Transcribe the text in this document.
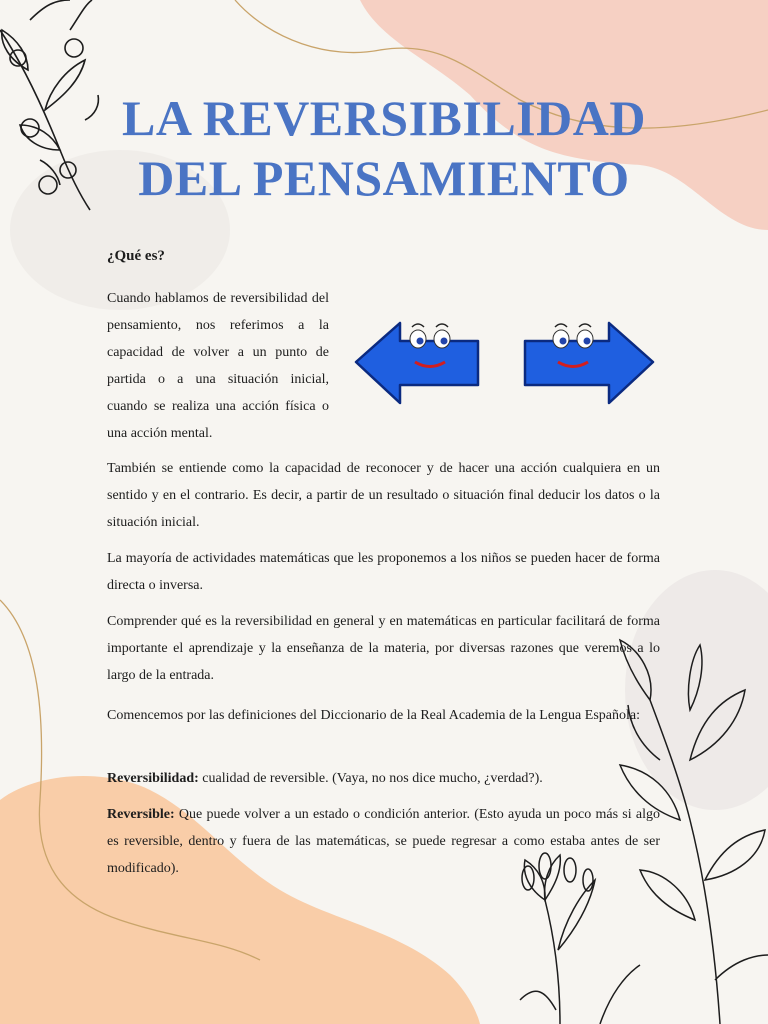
LA REVERSIBILIDAD
DEL PENSAMIENTO
¿Qué es?

Cuando hablamos de reversibilidad del pensamiento, nos referimos a la capacidad de volver a un punto de partida o a una situación inicial, cuando se realiza una acción física o una acción mental.

También se entiende como la capacidad de reconocer y de hacer una acción cualquiera en un sentido y en el contrario. Es decir, a partir de un resultado o situación final deducir los datos o la situación inicial.

La mayoría de actividades matemáticas que les proponemos a los niños se pueden hacer de forma directa o inversa.

Comprender qué es la reversibilidad en general y en matemáticas en particular facilitará de forma importante el aprendizaje y la enseñanza de la materia, por diversas razones que veremos a lo largo de la entrada.

Comencemos por las definiciones del Diccionario de la Real Academia de la Lengua Española:

Reversibilidad: cualidad de reversible. (Vaya, no nos dice mucho, ¿verdad?).

Reversible: Que puede volver a un estado o condición anterior. (Esto ayuda un poco más si algo es reversible, dentro y fuera de las matemáticas, se puede regresar a como estaba antes de ser modificado).
